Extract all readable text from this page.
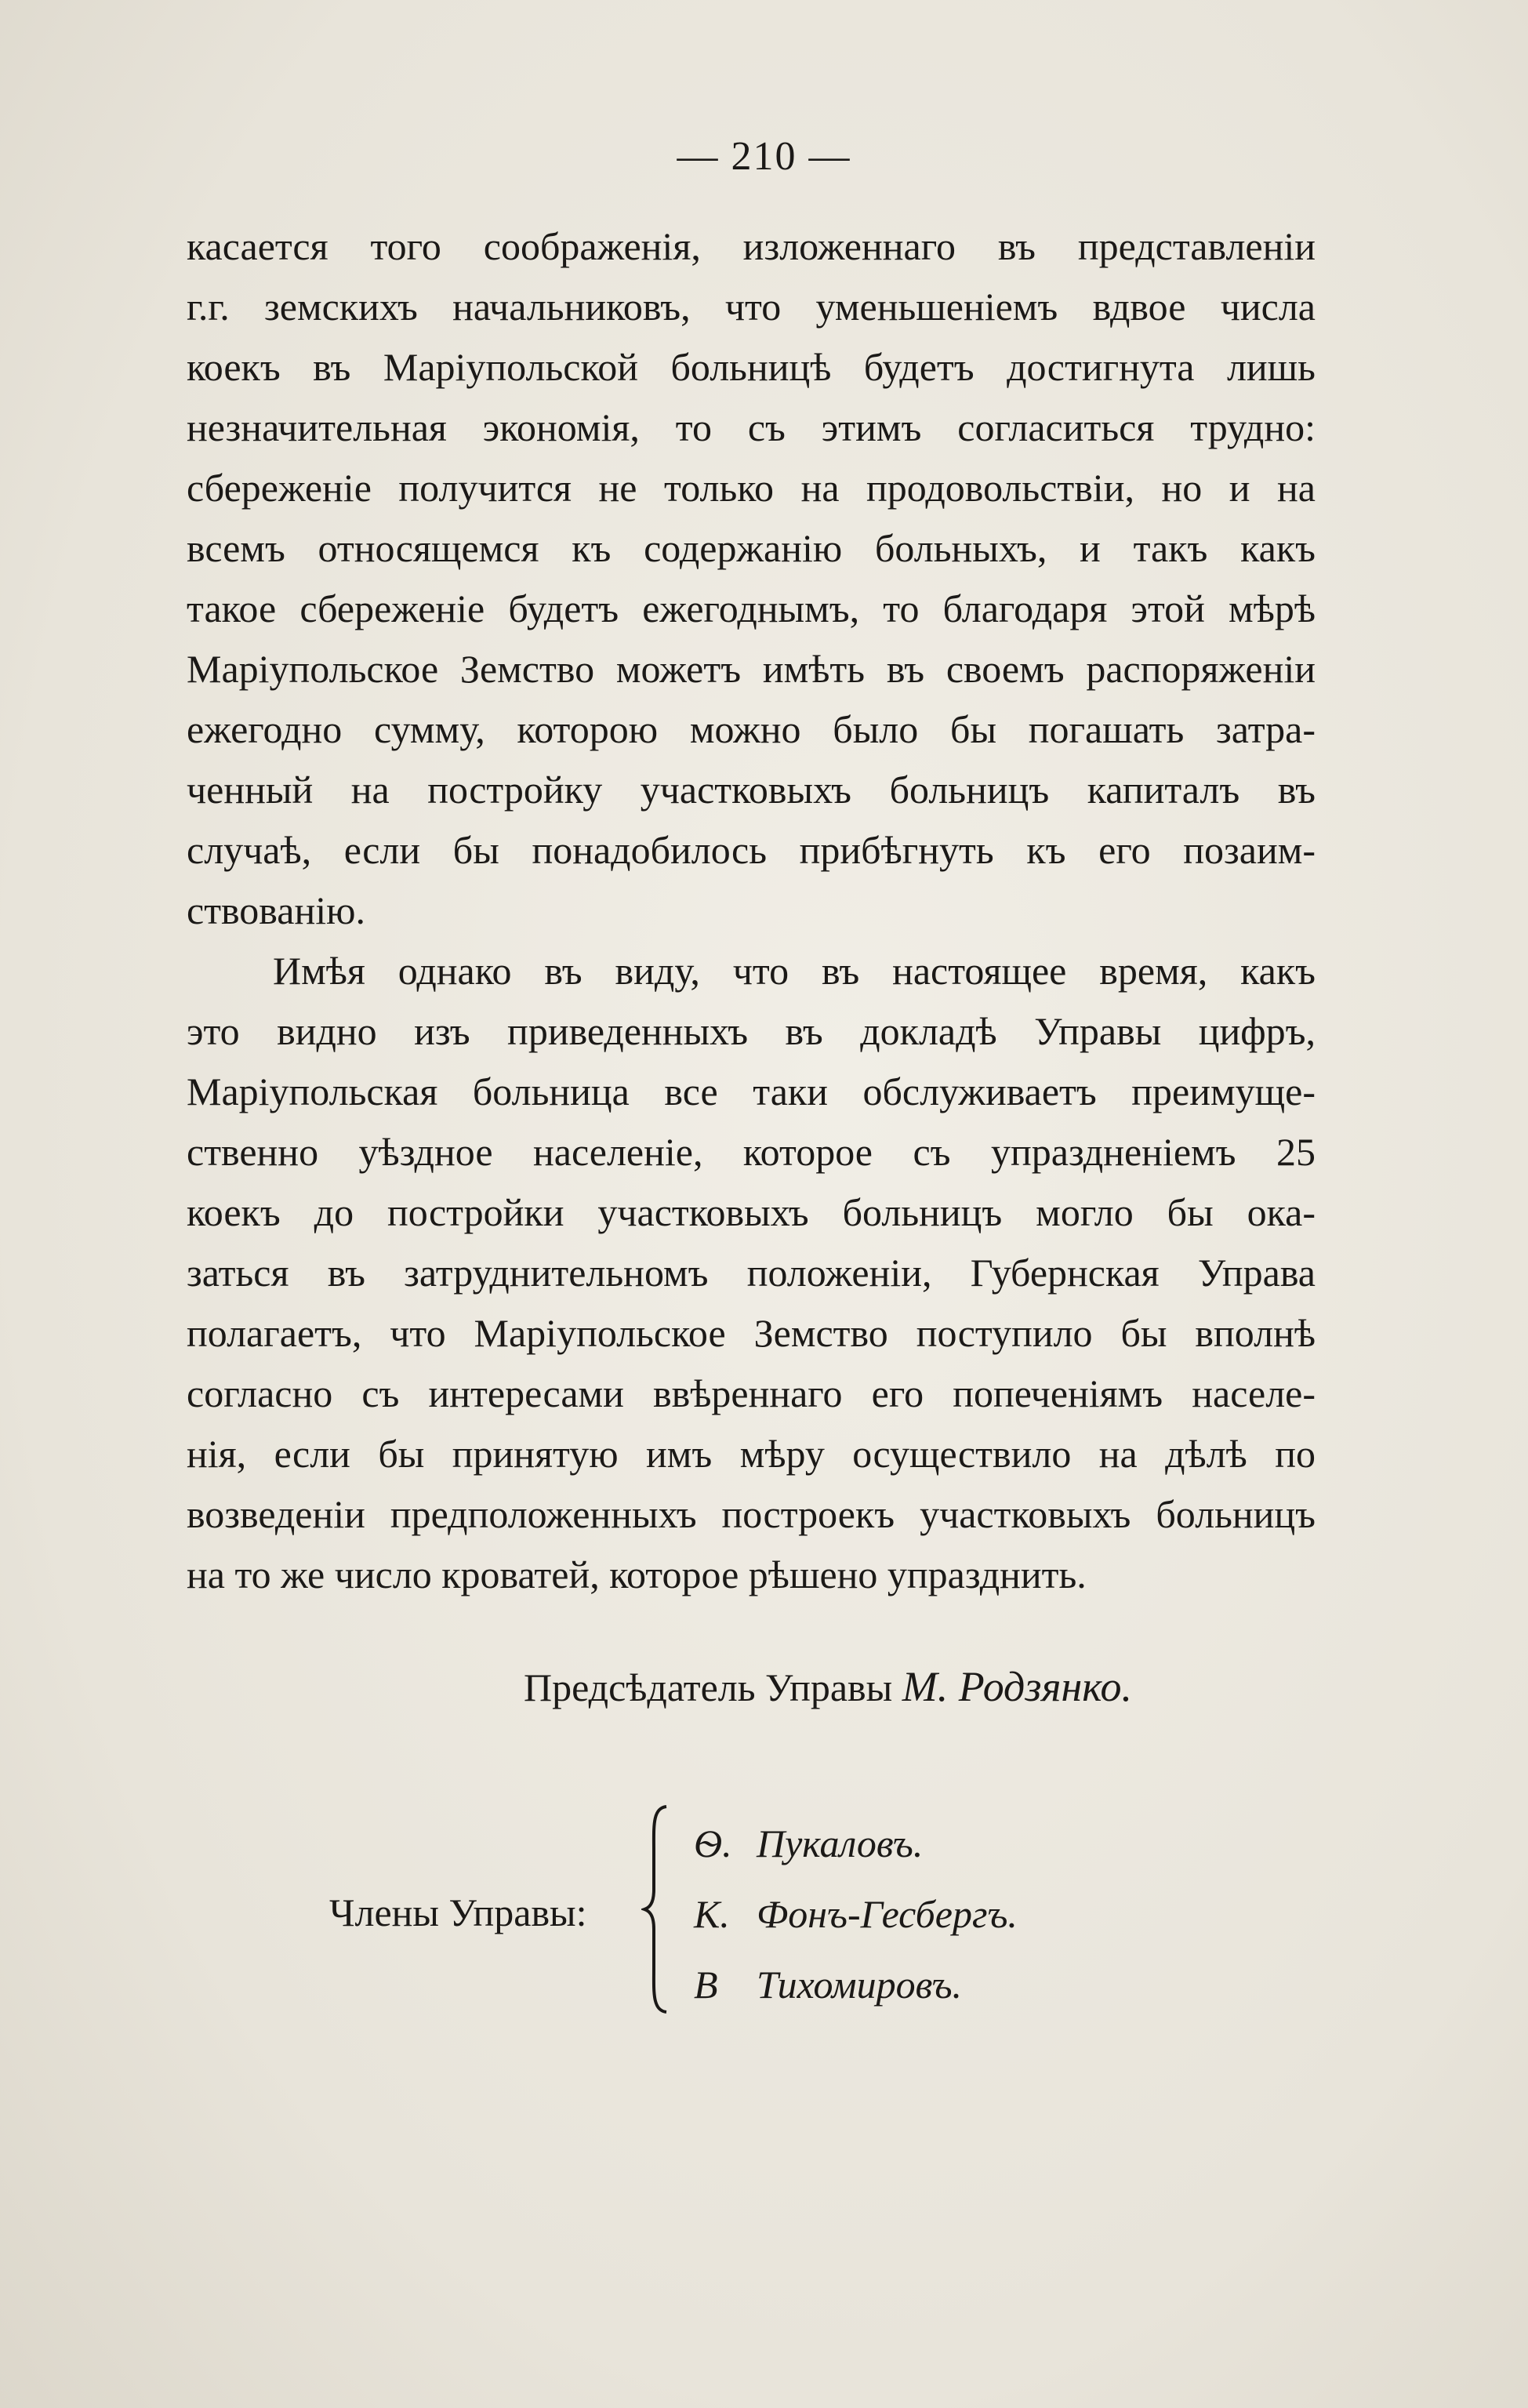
— 210 —

касается того соображенія, изложеннаго въ представленіи
г.г. земскихъ начальниковъ, что уменьшеніемъ вдвое числа
коекъ въ Маріупольской больницѣ будетъ достигнута лишь
незначительная экономія, то съ этимъ согласиться трудно:
сбереженіе получится не только на продовольствіи, но и на
всемъ относящемся къ содержанію больныхъ, и такъ какъ
такое сбереженіе будетъ ежегоднымъ, то благодаря этой мѣрѣ
Маріупольское Земство можетъ имѣть въ своемъ распоряженіи
ежегодно сумму, которою можно было бы погашать затра-
ченный на постройку участковыхъ больницъ капиталъ въ
случаѣ, если бы понадобилось прибѣгнуть къ его позаим-
ствованію.

Имѣя однако въ виду, что въ настоящее время, какъ
это видно изъ приведенныхъ въ докладѣ Управы цифръ,
Маріупольская больница все таки обслуживаетъ преимуще-
ственно уѣздное населеніе, которое съ упраздненіемъ 25
коекъ до постройки участковыхъ больницъ могло бы ока-
заться въ затруднительномъ положеніи, Губернская Управа
полагаетъ, что Маріупольское Земство поступило бы вполнѣ
согласно съ интересами ввѣреннаго его попеченіямъ населе-
нія, если бы принятую имъ мѣру осуществило на дѣлѣ по
возведеніи предположенныхъ построекъ участковыхъ больницъ
на то же число кроватей, которое рѣшено упразднить.

Предсѣдатель Управы М. Родзянко.
Члены Управы:
Ѳ. Пукаловъ.
К. Фонъ-Гесбергъ.
В Тихомировъ.
